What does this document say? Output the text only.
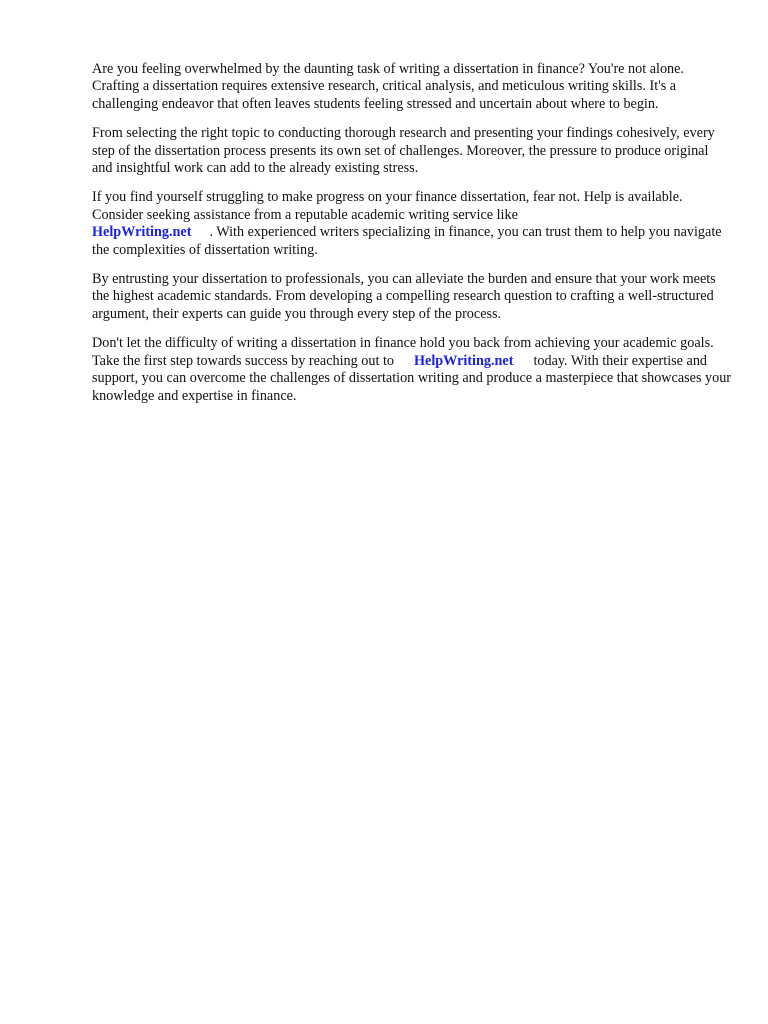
Are you feeling overwhelmed by the daunting task of writing a dissertation in finance? You're not alone. Crafting a dissertation requires extensive research, critical analysis, and meticulous writing skills. It's a challenging endeavor that often leaves students feeling stressed and uncertain about where to begin.

From selecting the right topic to conducting thorough research and presenting your findings cohesively, every step of the dissertation process presents its own set of challenges. Moreover, the pressure to produce original and insightful work can add to the already existing stress.

If you find yourself struggling to make progress on your finance dissertation, fear not. Help is available. Consider seeking assistance from a reputable academic writing service like
HelpWriting.net . With experienced writers specializing in finance, you can trust them to help you navigate the complexities of dissertation writing.

By entrusting your dissertation to professionals, you can alleviate the burden and ensure that your work meets the highest academic standards. From developing a compelling research question to crafting a well-structured argument, their experts can guide you through every step of the process.

Don't let the difficulty of writing a dissertation in finance hold you back from achieving your academic goals. Take the first step towards success by reaching out to HelpWriting.net today. With their expertise and support, you can overcome the challenges of dissertation writing and produce a masterpiece that showcases your knowledge and expertise in finance.
